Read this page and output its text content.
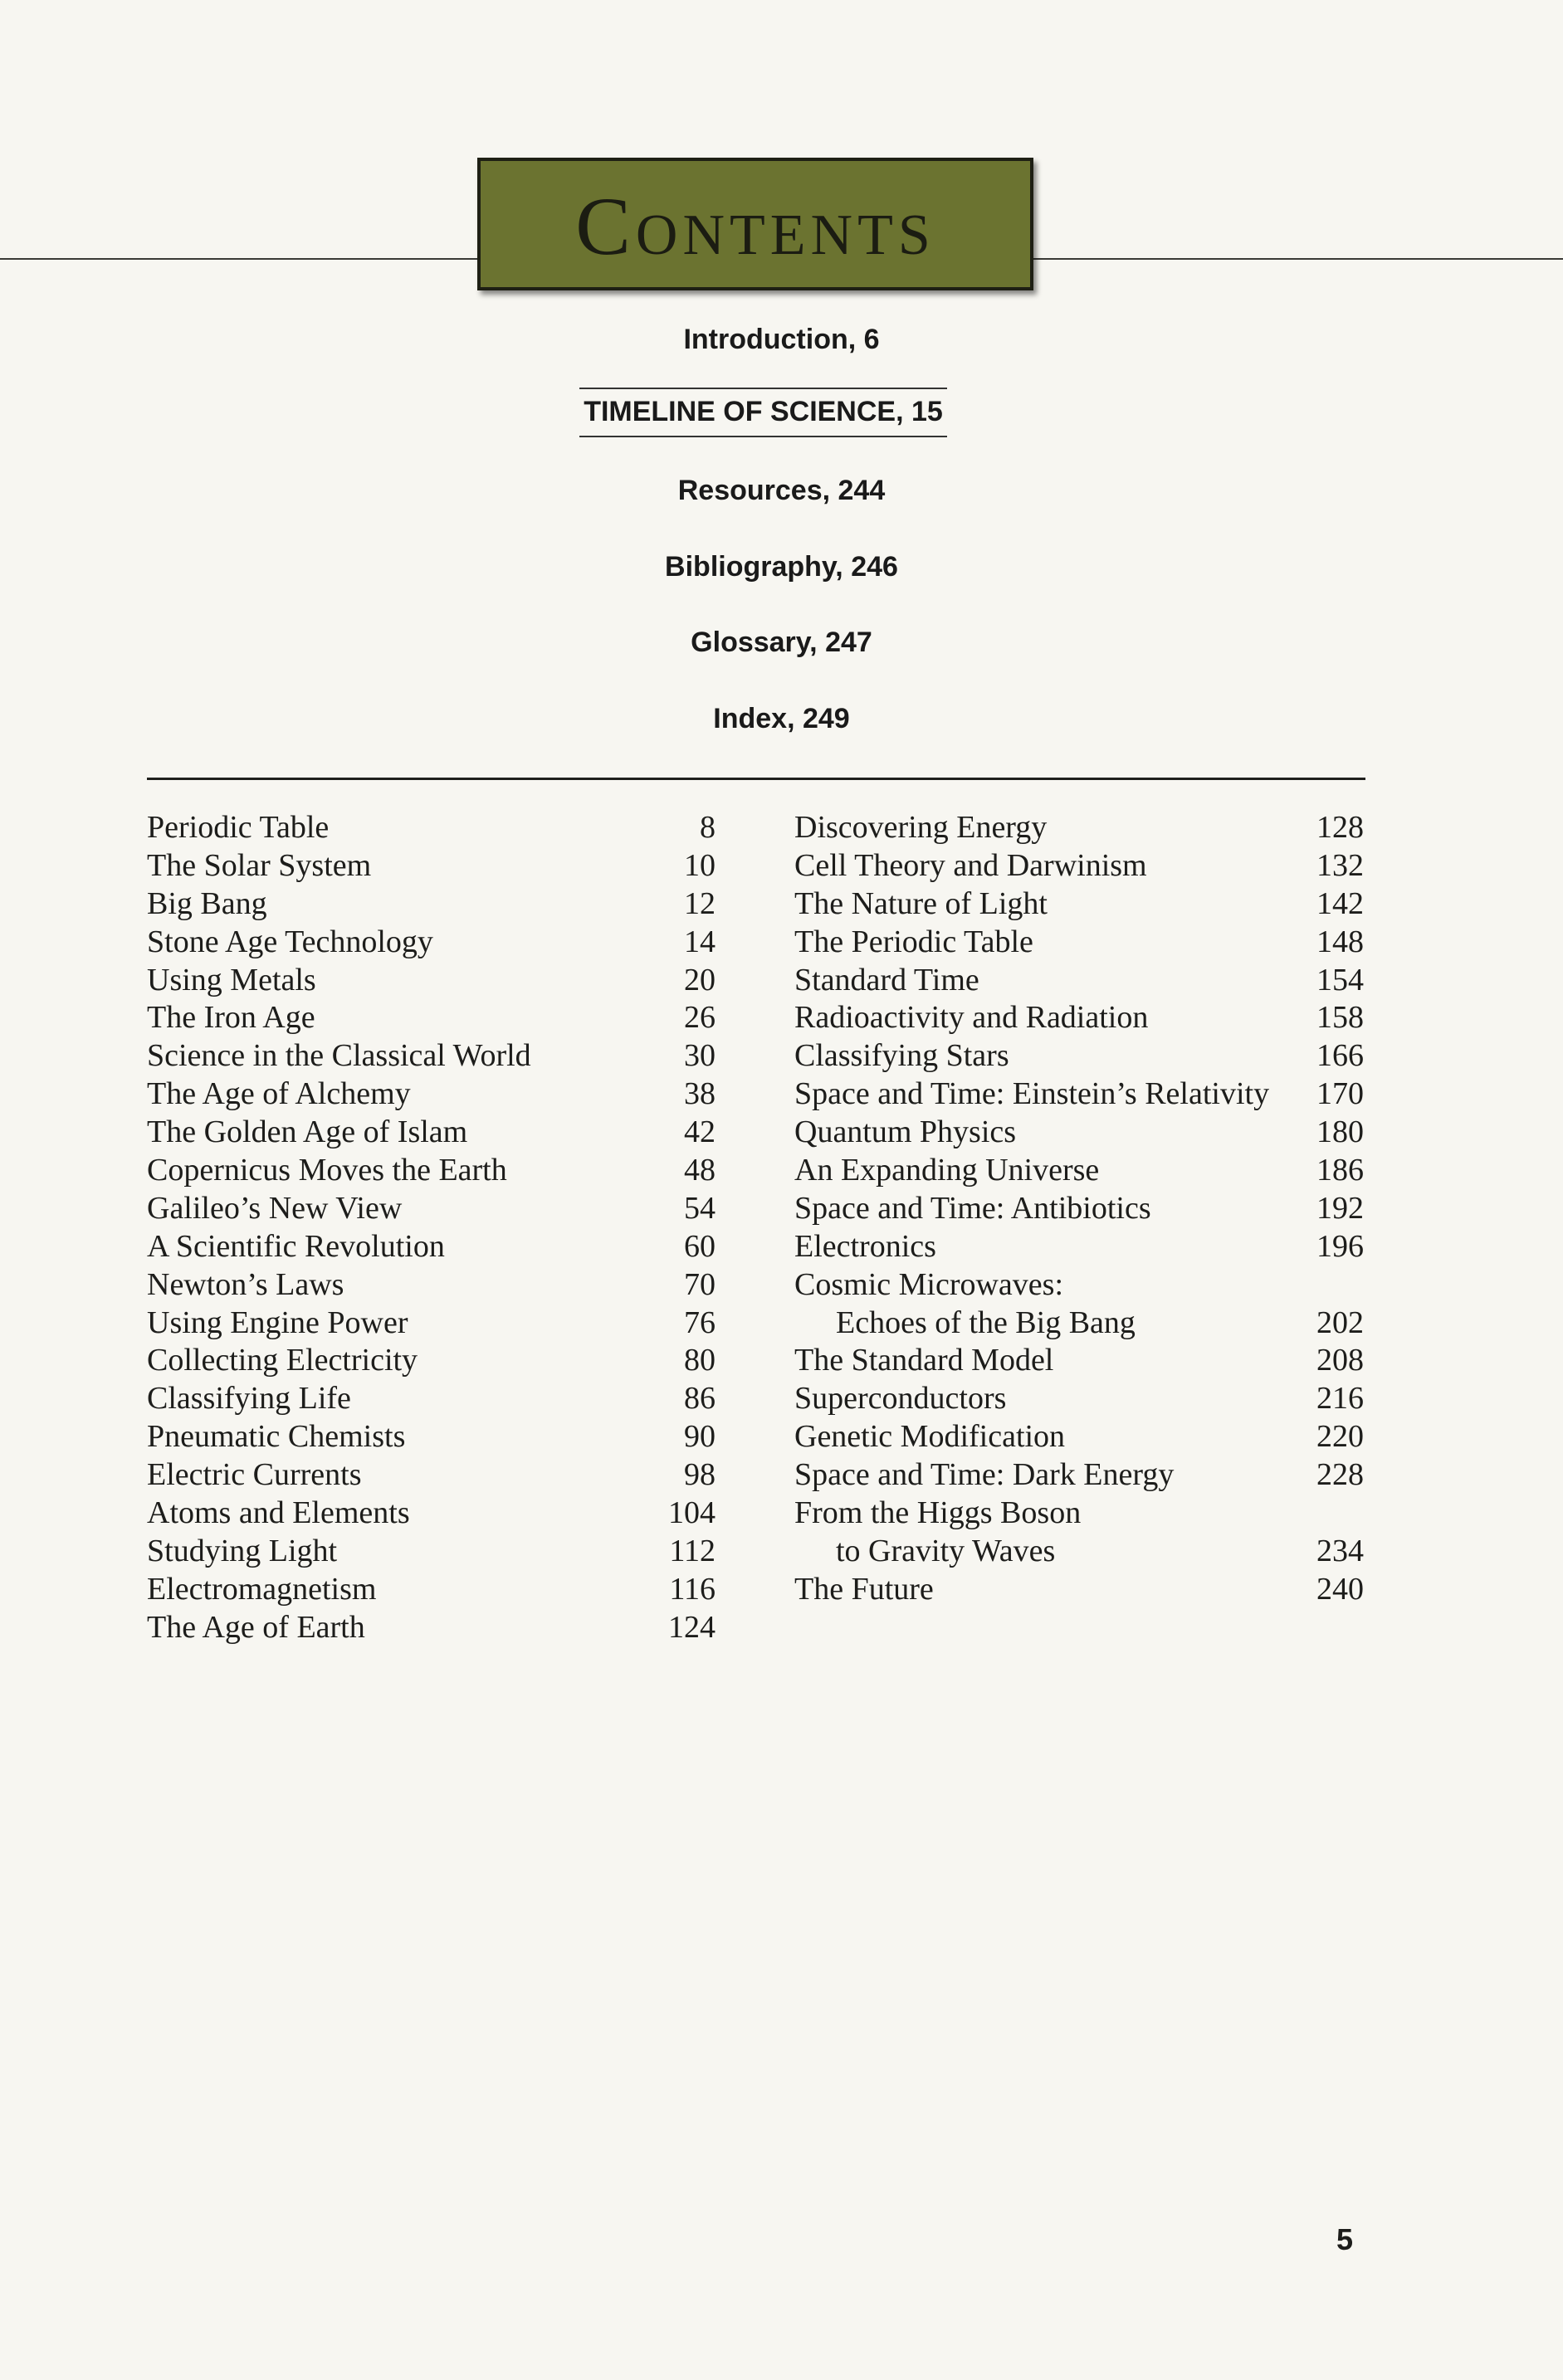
Contents
Introduction, 6
TIMELINE OF SCIENCE, 15
Resources, 244
Bibliography, 246
Glossary, 247
Index, 249
Periodic Table	8
The Solar System	10
Big Bang	12
Stone Age Technology	14
Using Metals	20
The Iron Age	26
Science in the Classical World	30
The Age of Alchemy	38
The Golden Age of Islam	42
Copernicus Moves the Earth	48
Galileo’s New View	54
A Scientific Revolution	60
Newton’s Laws	70
Using Engine Power	76
Collecting Electricity	80
Classifying Life	86
Pneumatic Chemists	90
Electric Currents	98
Atoms and Elements	104
Studying Light	112
Electromagnetism	116
The Age of Earth	124
Discovering Energy	128
Cell Theory and Darwinism	132
The Nature of Light	142
The Periodic Table	148
Standard Time	154
Radioactivity and Radiation	158
Classifying Stars	166
Space and Time: Einstein’s Relativity 170
Quantum Physics	180
An Expanding Universe	186
Space and Time: Antibiotics	192
Electronics	196
Cosmic Microwaves:
Echoes of the Big Bang	202
The Standard Model	208
Superconductors	216
Genetic Modification	220
Space and Time: Dark Energy	228
From the Higgs Boson
to Gravity Waves	234
The Future	240
5
